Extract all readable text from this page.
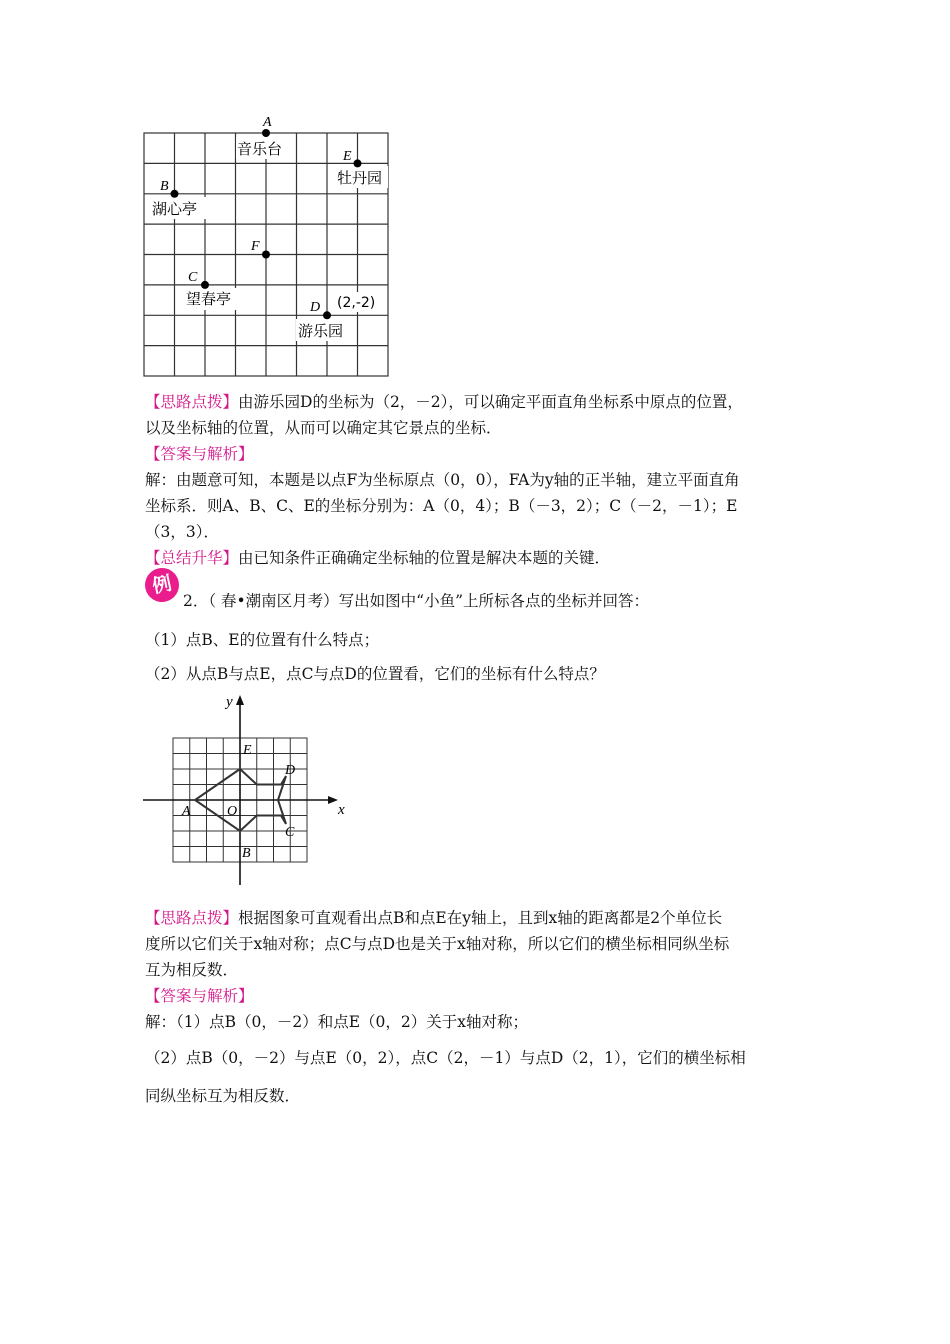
A
E
B
F
C
D
音乐台
牡丹园
湖心亭
望春亭
游乐园
(2,-2)
【思路点拨】由游乐园D的坐标为（2，－2），可以确定平面直角坐标系中原点的位置，
以及坐标轴的位置，从而可以确定其它景点的坐标．
【答案与解析】
解：由题意可知，本题是以点F为坐标原点（0，0），FA为y轴的正半轴，建立平面直角
坐标系．则A、B、C、E的坐标分别为：A（0，4）；B（－3，2）；C（－2，－1）；E
（3，3）．
【总结升华】由已知条件正确确定坐标轴的位置是解决本题的关键．
例
2．（ 春•潮南区月考）写出如图中“小鱼”上所标各点的坐标并回答：
（1）点B、E的位置有什么特点；
（2）从点B与点E，点C与点D的位置看，它们的坐标有什么特点？
y
x
O
A
B
C
D
E
【思路点拨】根据图象可直观看出点B和点E在y轴上，且到x轴的距离都是2个单位长
度所以它们关于x轴对称；点C与点D也是关于x轴对称，所以它们的横坐标相同纵坐标
互为相反数．
【答案与解析】
解：（1）点B（0，－2）和点E（0，2）关于x轴对称；
（2）点B（0，－2）与点E（0，2），点C（2，－1）与点D（2，1），它们的横坐标相
同纵坐标互为相反数．
